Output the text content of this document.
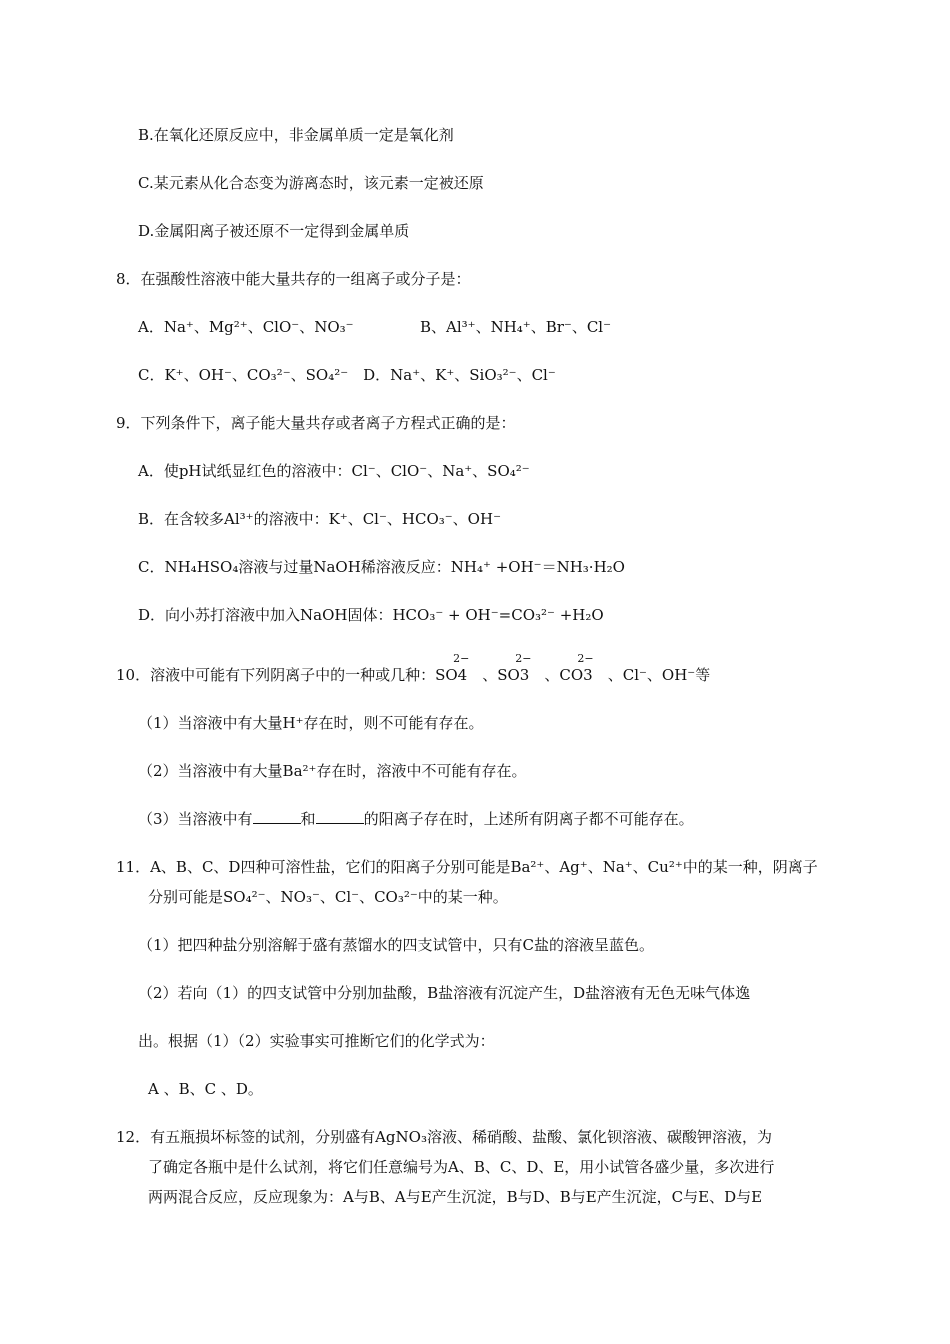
B.在氧化还原反应中，非金属单质一定是氧化剂
C.某元素从化合态变为游离态时，该元素一定被还原
D.金属阳离子被还原不一定得到金属单质
8．在强酸性溶液中能大量共存的一组离子或分子是：
A．Na⁺、Mg²⁺、ClO⁻、NO₃⁻	B、Al³⁺、NH₄⁺、Br⁻、Cl⁻
C．K⁺、OH⁻、CO₃²⁻、SO₄²⁻　D．Na⁺、K⁺、SiO₃²⁻、Cl⁻
9．下列条件下，离子能大量共存或者离子方程式正确的是：
A．使pH试纸显红色的溶液中：Cl⁻、ClO⁻、Na⁺、SO₄²⁻
B．在含较多Al³⁺的溶液中：K⁺、Cl⁻、HCO₃⁻、OH⁻
C．NH₄HSO₄溶液与过量NaOH稀溶液反应：NH₄⁺ +OH⁻＝NH₃·H₂O
D．向小苏打溶液中加入NaOH固体：HCO₃⁻ + OH⁻=CO₃²⁻ +H₂O
10．溶液中可能有下列阴离子中的一种或几种：SO4
2−
　、SO3
2−
　、CO3
2−
　、Cl⁻、OH⁻等
（1）当溶液中有大量H⁺存在时，则不可能有存在。
（2）当溶液中有大量Ba²⁺存在时，溶液中不可能有存在。
（3）当溶液中有	和	的阳离子存在时，上述所有阴离子都不可能存在。
11．A、B、C、D四种可溶性盐，它们的阳离子分别可能是Ba²⁺、Ag⁺、Na⁺、Cu²⁺中的某一种，阴离子
分别可能是SO₄²⁻、NO₃⁻、Cl⁻、CO₃²⁻中的某一种。
（1）把四种盐分别溶解于盛有蒸馏水的四支试管中，只有C盐的溶液呈蓝色。
（2）若向（1）的四支试管中分别加盐酸，B盐溶液有沉淀产生，D盐溶液有无色无味气体逸
出。根据（1）（2）实验事实可推断它们的化学式为：
A 、B、C 、D。
12．有五瓶损坏标签的试剂，分别盛有AgNO₃溶液、稀硝酸、盐酸、氯化钡溶液、碳酸钾溶液，为
了确定各瓶中是什么试剂，将它们任意编号为A、B、C、D、E，用小试管各盛少量，多次进行
两两混合反应，反应现象为：A与B、A与E产生沉淀，B与D、B与E产生沉淀，C与E、D与E
